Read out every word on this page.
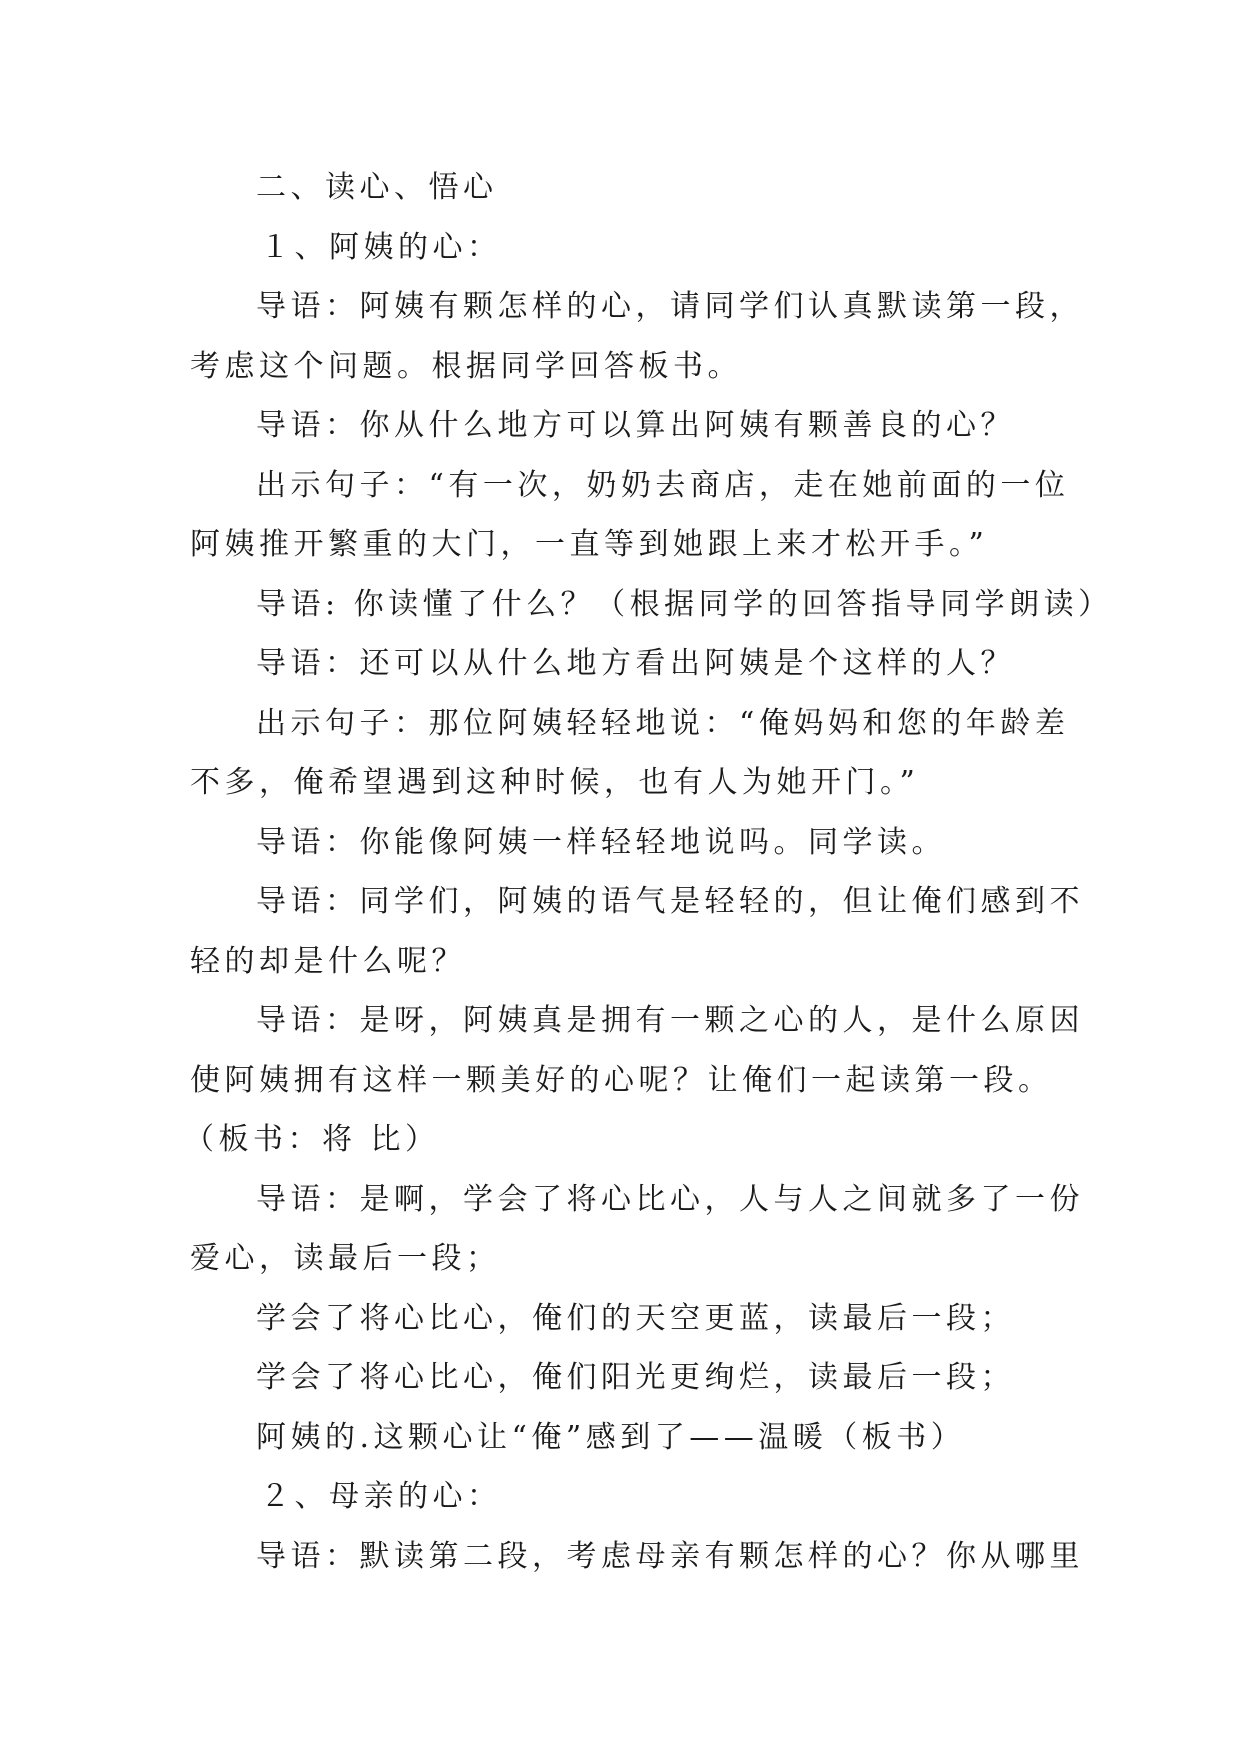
二、读心、悟心
１、阿姨的心：
导语：阿姨有颗怎样的心，请同学们认真默读第一段，
考虑这个问题。根据同学回答板书。
导语：你从什么地方可以算出阿姨有颗善良的心？
出示句子：“有一次，奶奶去商店，走在她前面的一位
阿姨推开繁重的大门，一直等到她跟上来才松开手。”
导语: 你读懂了什么？（根据同学的回答指导同学朗读）
导语：还可以从什么地方看出阿姨是个这样的人？
出示句子：那位阿姨轻轻地说：“俺妈妈和您的年龄差
不多，俺希望遇到这种时候，也有人为她开门。”
导语：你能像阿姨一样轻轻地说吗。同学读。
导语：同学们，阿姨的语气是轻轻的，但让俺们感到不
轻的却是什么呢？
导语：是呀，阿姨真是拥有一颗之心的人，是什么原因
使阿姨拥有这样一颗美好的心呢？让俺们一起读第一段。
（板书：将 比）
导语：是啊，学会了将心比心，人与人之间就多了一份
爱心，读最后一段；
学会了将心比心，俺们的天空更蓝，读最后一段；
学会了将心比心，俺们阳光更绚烂，读最后一段；
阿姨的.这颗心让“俺”感到了——温暖（板书）
２、母亲的心：
导语：默读第二段，考虑母亲有颗怎样的心？你从哪里
